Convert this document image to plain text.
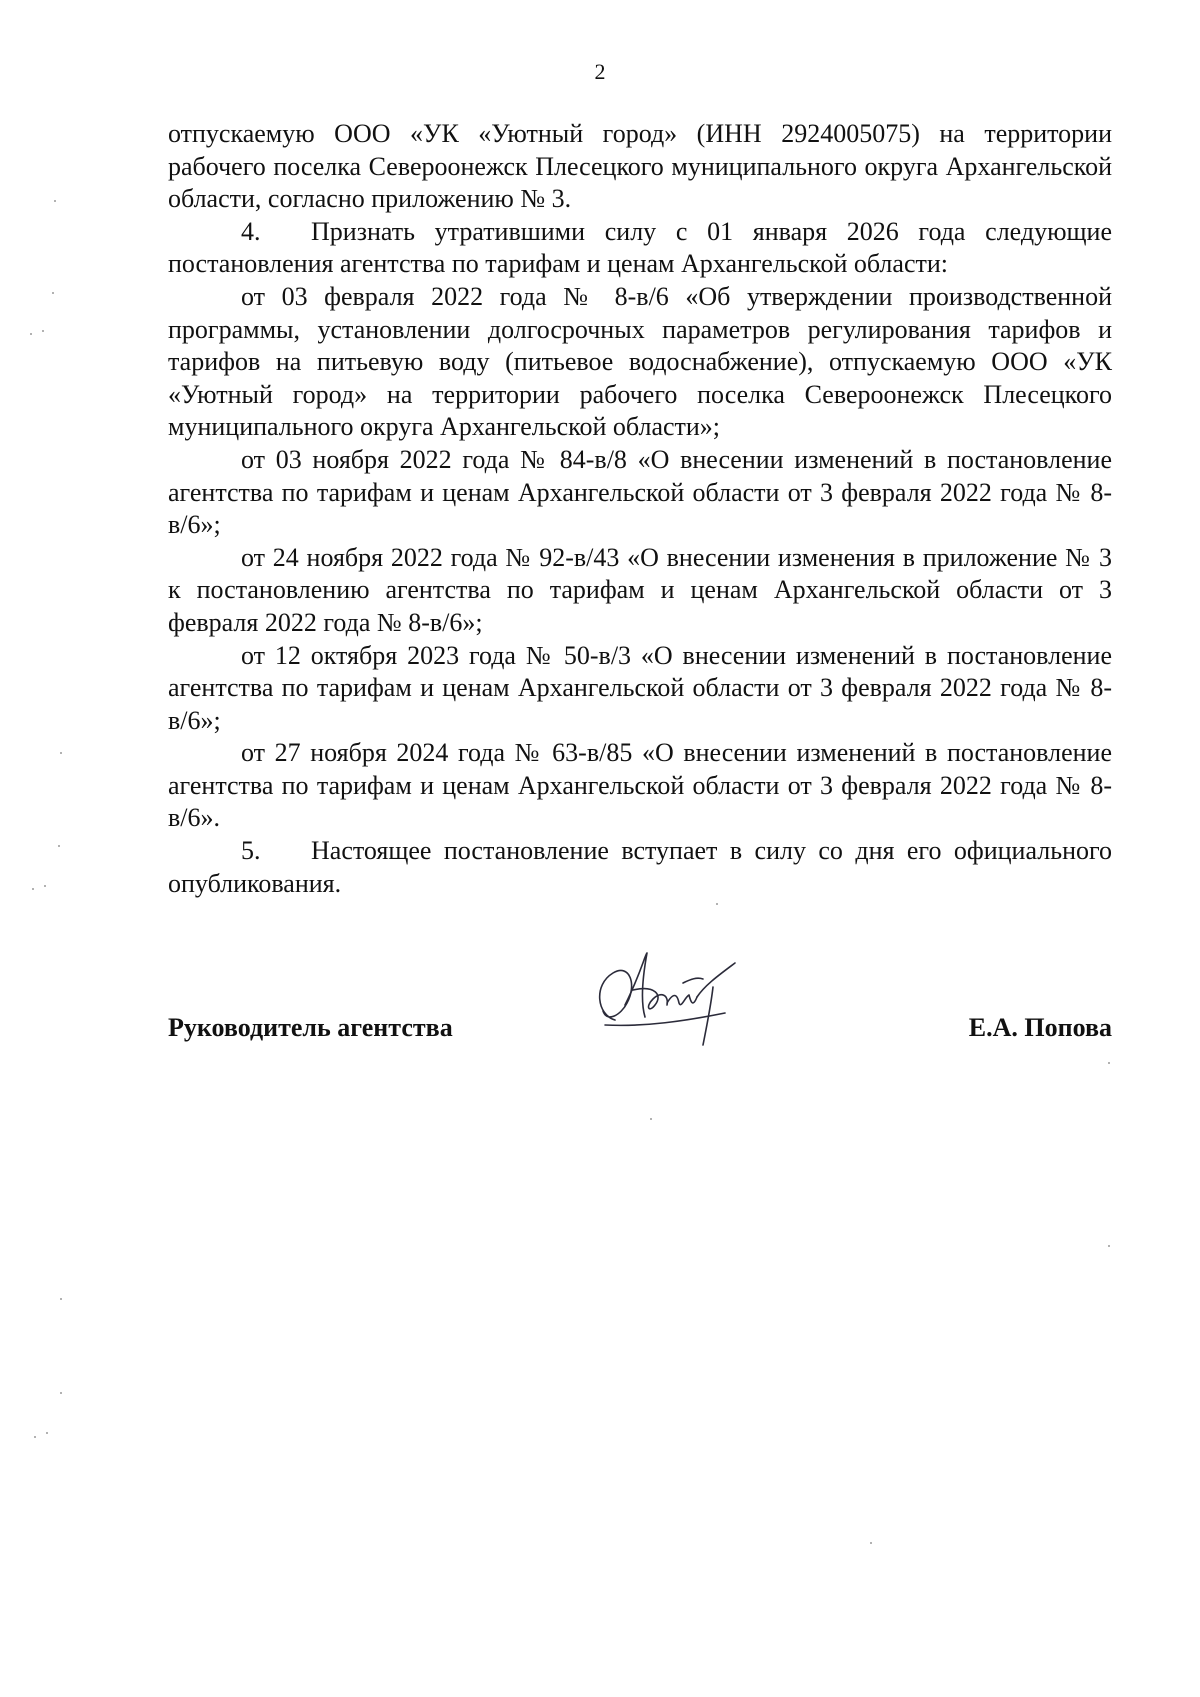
2

отпускаемую ООО «УК «Уютный город» (ИНН 2924005075) на территории рабочего поселка Североонежск Плесецкого муниципального округа Архангельской области, согласно приложению № 3.

4. Признать утратившими силу с 01 января 2026 года следующие постановления агентства по тарифам и ценам Архангельской области:

от 03 февраля 2022 года № 8-в/6 «Об утверждении производственной программы, установлении долгосрочных параметров регулирования тарифов и тарифов на питьевую воду (питьевое водоснабжение), отпускаемую ООО «УК «Уютный город» на территории рабочего поселка Североонежск Плесецкого муниципального округа Архангельской области»;

от 03 ноября 2022 года № 84-в/8 «О внесении изменений в постановление агентства по тарифам и ценам Архангельской области от 3 февраля 2022 года № 8-в/6»;

от 24 ноября 2022 года № 92-в/43 «О внесении изменения в приложение № 3 к постановлению агентства по тарифам и ценам Архангельской области от 3 февраля 2022 года № 8-в/6»;

от 12 октября 2023 года № 50-в/3 «О внесении изменений в постановление агентства по тарифам и ценам Архангельской области от 3 февраля 2022 года № 8-в/6»;

от 27 ноября 2024 года № 63-в/85 «О внесении изменений в постановление агентства по тарифам и ценам Архангельской области от 3 февраля 2022 года № 8-в/6».

5. Настоящее постановление вступает в силу со дня его официального опубликования.

Руководитель агентства	Е.А. Попова
